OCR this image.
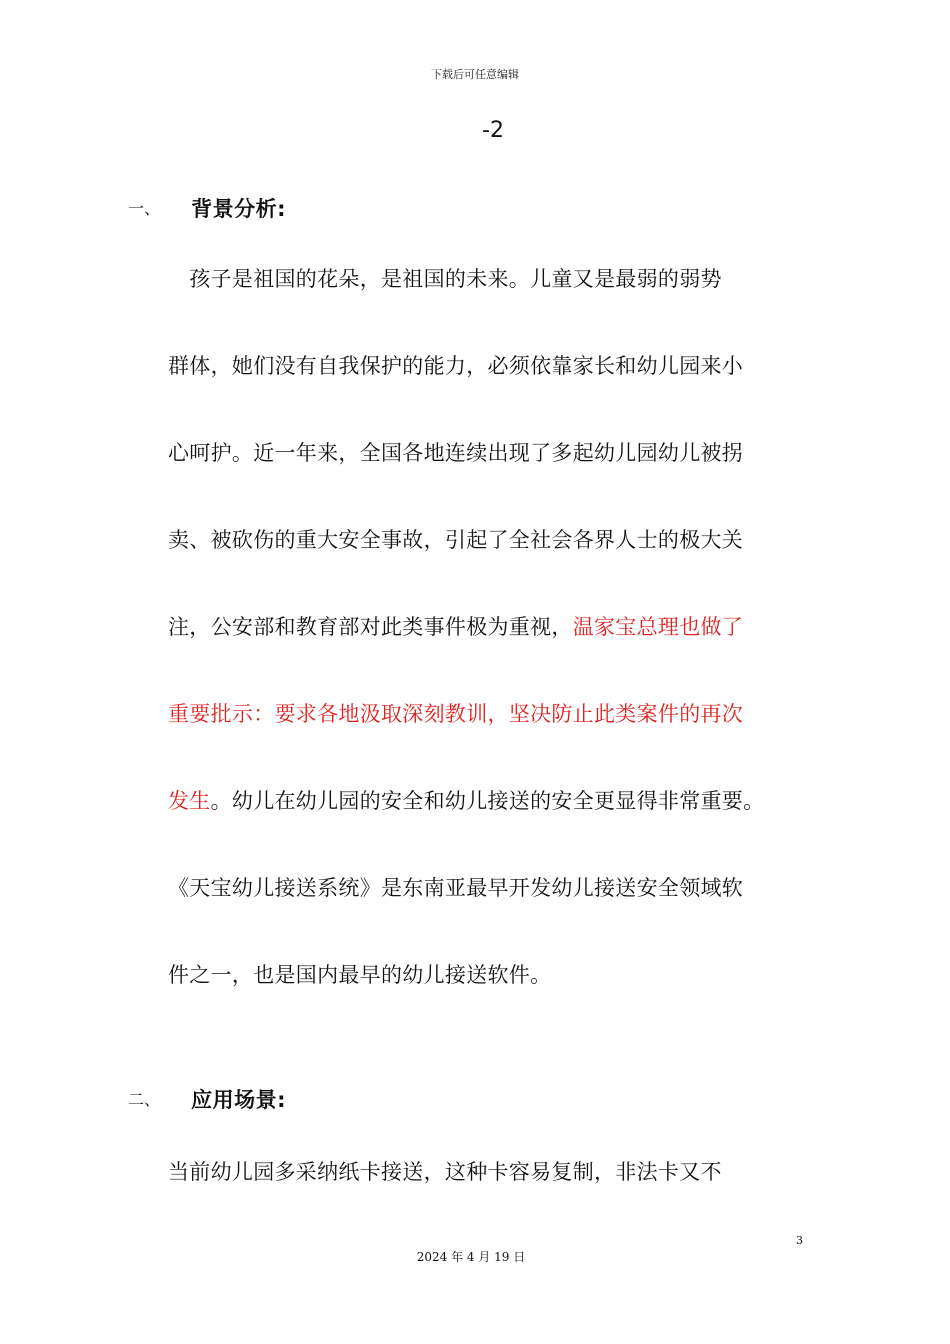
下载后可任意编辑
-2
一、 背景分析:
　孩子是祖国的花朵，是祖国的未来。儿童又是最弱的弱势
群体，她们没有自我保护的能力，必须依靠家长和幼儿园来小
心呵护。近一年来，全国各地连续出现了多起幼儿园幼儿被拐
卖、被砍伤的重大安全事故，引起了全社会各界人士的极大关
注，公安部和教育部对此类事件极为重视，温家宝总理也做了
重要批示：要求各地汲取深刻教训，坚决防止此类案件的再次
发生。幼儿在幼儿园的安全和幼儿接送的安全更显得非常重要。
《天宝幼儿接送系统》是东南亚最早开发幼儿接送安全领域软
件之一，也是国内最早的幼儿接送软件。
二、 应用场景:
当前幼儿园多采纳纸卡接送，这种卡容易复制，非法卡又不
3
2024 年 4 月 19 日
